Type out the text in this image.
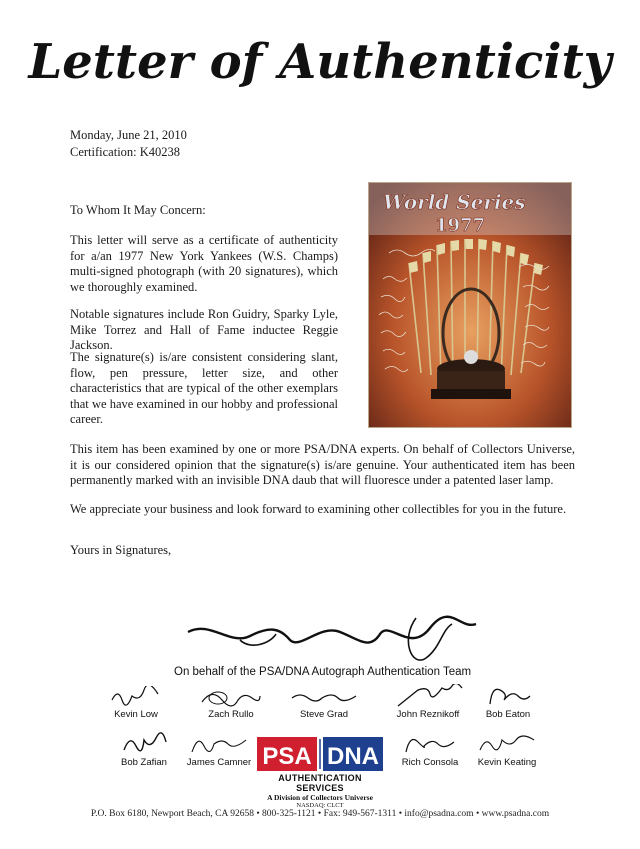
Letter of Authenticity
Monday, June 21, 2010
Certification: K40238
To Whom It May Concern:
This letter will serve as a certificate of authenticity for a/an 1977 New York Yankees (W.S. Champs) multi-signed photograph (with 20 signatures), which we thoroughly examined.
Notable signatures include Ron Guidry, Sparky Lyle, Mike Torrez and Hall of Fame inductee Reggie Jackson.
The signature(s) is/are consistent considering slant, flow, pen pressure, letter size, and other characteristics that are typical of the other exemplars that we have examined in our hobby and professional career.
This item has been examined by one or more PSA/DNA experts. On behalf of Collectors Universe, it is our considered opinion that the signature(s) is/are genuine. Your authenticated item has been permanently marked with an invisible DNA daub that will fluoresce under a patented laser lamp.
We appreciate your business and look forward to examining other collectibles for you in the future.
Yours in Signatures,
World Series
1977
On behalf of the PSA/DNA Autograph Authentication Team
Kevin Low	Zach Rullo	Steve Grad	John Reznikoff	Bob Eaton
Bob Zafian	James Camner PSA DNA
AUTHENTICATION SERVICES
A Division of Collectors Universe
NASDAQ: CLCT
Rich Consola	Kevin Keating
P.O. Box 6180, Newport Beach, CA 92658 • 800-325-1121 • Fax: 949-567-1311 • info@psadna.com • www.psadna.com
